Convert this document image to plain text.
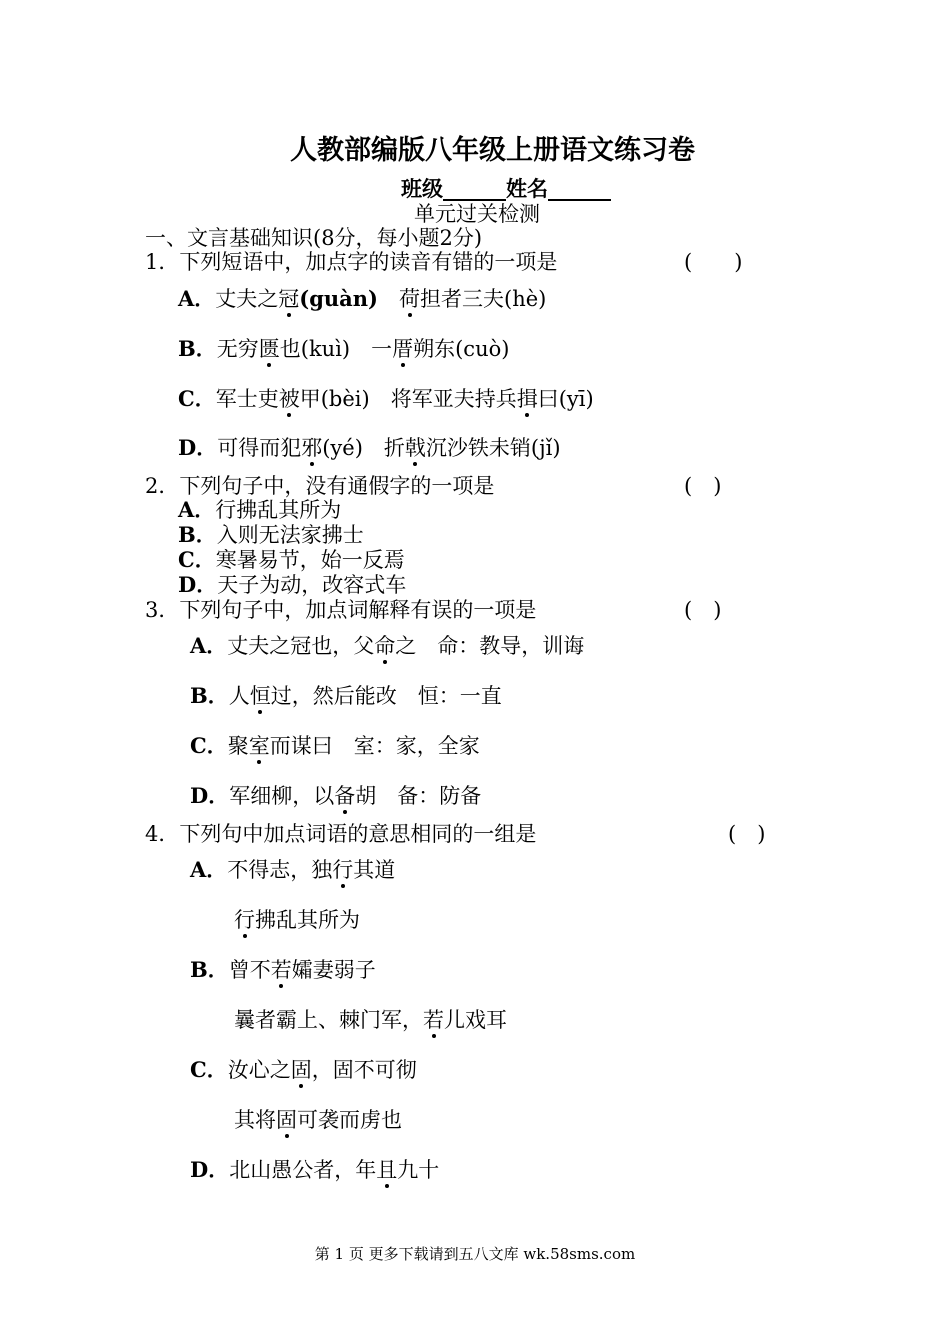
人教部编版八年级上册语文练习卷
班级______姓名______
单元过关检测
一、文言基础知识(8分，每小题2分)
1．下列短语中，加点字的读音有错的一项是	(　　)
A．丈夫之冠(guàn)　荷担者三夫(hè)
B．无穷匮也(kuì)　一厝朔东(cuò)
C．军士吏被甲(bèi)　将军亚夫持兵揖曰(yī)
D．可得而犯邪(yé)　折戟沉沙铁未销(jǐ)
2．下列句子中，没有通假字的一项是	(　)
A．行拂乱其所为
B．入则无法家拂士
C．寒暑易节，始一反焉
D．天子为动，改容式车
3．下列句子中，加点词解释有误的一项是	(　)
A．丈夫之冠也，父命之　命：教导，训诲
B．人恒过，然后能改　恒：一直
C．聚室而谋曰　室：家，全家
D．军细柳，以备胡　备：防备
4．下列句中加点词语的意思相同的一组是	(　)
A．不得志，独行其道
行拂乱其所为
B．曾不若孀妻弱子
曩者霸上、棘门军，若儿戏耳
C．汝心之固，固不可彻
其将固可袭而虏也
D．北山愚公者，年且九十
第 1 页 更多下载请到五八文库 wk.58sms.com
